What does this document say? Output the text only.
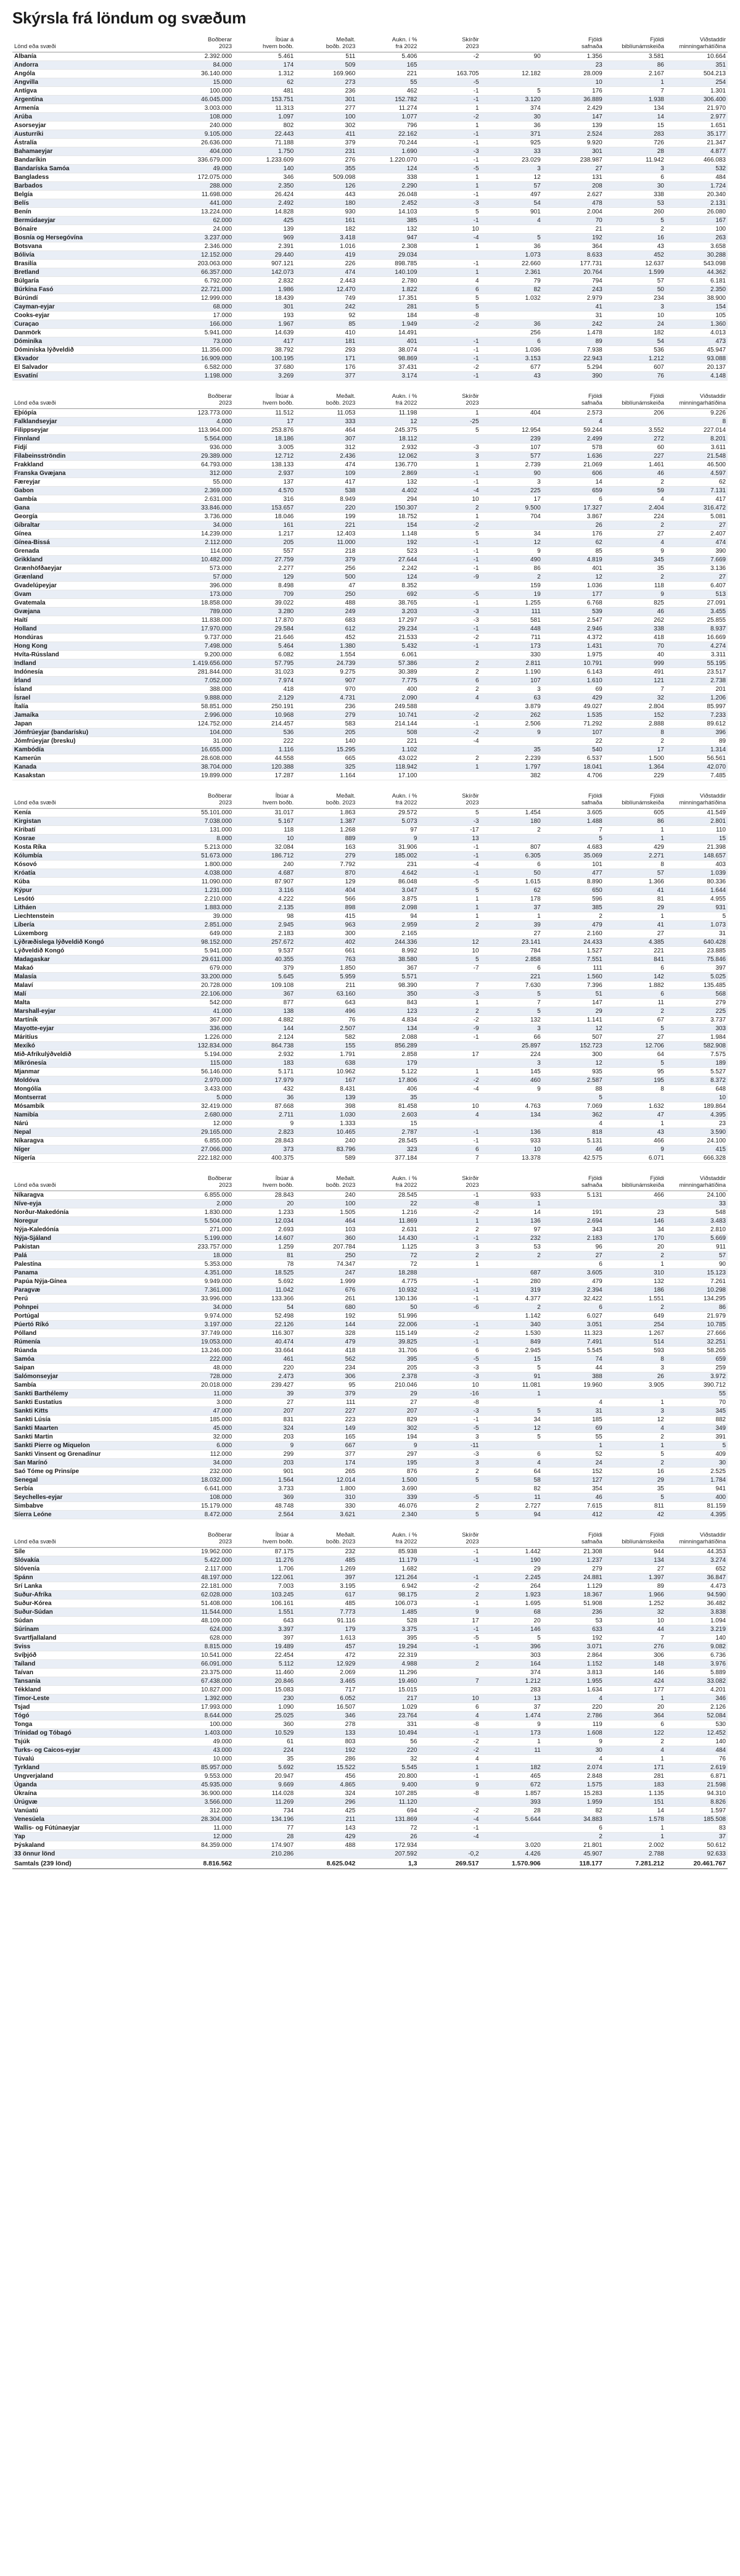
Skýrsla frá löndum og svæðum
Lönd eða svæði	Boðberar
2023	Íbúar á
hvern boðb.	Meðalt.
boðb. 2023	Aukn. í %
frá 2022	Skírðir
2023		Fjöldi
safnaða	Fjöldi
biblíunámskeiða	Viðstaddir
minningarhátíðina
Albanía	2.392.000	5.461	511	5.406	-2	90	1.356	3.581	10.664
Andorra	84.000	174	509	165			23	86	351
Angóla	36.140.000	1.312	169.960	221	163.705	12.182	28.009	2.167	504.213
Angvilla	15.000	62	273	55	-5		10	1	254
Antígva	100.000	481	236	462	-1	5	176	7	1.301
Argentína	46.045.000	153.751	301	152.782	-1	3.120	36.889	1.938	306.400
Armenía	3.003.000	11.313	277	11.274	1	374	2.429	134	21.970
Arúba	108.000	1.097	100	1.077	-2	30	147	14	2.977
Asorseyjar	240.000	802	302	796	1	36	139	15	1.651
Austurríki	9.105.000	22.443	411	22.162	-1	371	2.524	283	35.177
Ástralía	26.636.000	71.188	379	70.244	-1	925	9.920	726	21.347
Bahamaeyjar	404.000	1.750	231	1.690	-3	33	301	28	4.877
Bandaríkin	336.679.000	1.233.609	276	1.220.070	-1	23.029	238.987	11.942	466.083
Bandaríska Samóa	49.000	140	355	124	-5	3	27	3	532
Bangladess	172.075.000	346	509.098	338	1	12	131	6	484
Barbados	288.000	2.350	126	2.290	1	57	208	30	1.724
Belgía	11.698.000	26.424	443	26.048	-1	497	2.627	338	20.340
Belís	441.000	2.492	180	2.452	-3	54	478	53	2.131
Benín	13.224.000	14.828	930	14.103	5	901	2.004	260	26.080
Bermúdaeyjar	62.000	425	161	385	-1	4	70	5	167
Bónaíre	24.000	139	182	132	10		21	2	100
Bosnía og Hersegóvína	3.237.000	969	3.418	947	-4	5	192	16	263
Botsvana	2.346.000	2.391	1.016	2.308	1	36	364	43	3.658
Bólivía	12.152.000	29.440	419	29.034		1.073	8.633	452	30.288
Brasilía	203.063.000	907.121	226	898.785	-1	22.660	177.731	12.637	543.098
Bretland	66.357.000	142.073	474	140.109	1	2.361	20.764	1.599	44.362
Búlgaría	6.792.000	2.832	2.443	2.780	4	79	794	57	6.181
Búrkína Fasó	22.721.000	1.986	12.470	1.822	6	82	243	50	2.350
Búrúndí	12.999.000	18.439	749	17.351	5	1.032	2.979	234	38.900
Cayman-eyjar	68.000	301	242	281	5		41	3	154
Cooks-eyjar	17.000	193	92	184	-8		31	10	105
Curaçao	166.000	1.967	85	1.949	-2	36	242	24	1.360
Danmörk	5.941.000	14.639	410	14.491		256	1.478	182	4.013
Dóminíka	73.000	417	181	401	-1	6	89	54	473
Dóminíska lýðveldið	11.356.000	38.792	293	38.074	-1	1.036	7.938	536	45.947
Ekvador	16.909.000	100.195	171	98.869	-1	3.153	22.943	1.212	93.088
El Salvador	6.582.000	37.680	176	37.431	-2	677	5.294	607	20.137
Esvatíní	1.198.000	3.269	377	3.174	-1	43	390	76	4.148
Lönd eða svæði	Boðberar
2023	Íbúar á
hvern boðb.	Meðalt.
boðb. 2023	Aukn. í %
frá 2022	Skírðir
2023		Fjöldi
safnaða	Fjöldi
biblíunámskeiða	Viðstaddir
minningarhátíðina
Eþíópía	123.773.000	11.512	11.053	11.198	1	404	2.573	206	9.226
Falklandseyjar	4.000	17	333	12	-25		4		8
Filippseyjar	113.964.000	253.876	464	245.375	5	12.954	59.244	3.552	227.014
Finnland	5.564.000	18.186	307	18.112		239	2.499	272	8.201
Fídjí	936.000	3.005	312	2.932	-3	107	578	60	3.611
Fílabeinsströndin	29.389.000	12.712	2.436	12.062	3	577	1.636	227	21.548
Frakkland	64.793.000	138.133	474	136.770	1	2.739	21.069	1.461	46.500
Franska Gvæjana	312.000	2.937	109	2.869	-1	90	606	46	4.597
Færeyjar	55.000	137	417	132	-1	3	14	2	62
Gabon	2.369.000	4.570	538	4.402	-4	225	659	59	7.131
Gambía	2.631.000	316	8.949	294	10	17	6	4	417
Gana	33.846.000	153.657	220	150.307	2	9.500	17.327	2.404	316.472
Georgía	3.736.000	18.046	199	18.752	1	704	3.867	224	5.081
Gíbraltar	34.000	161	221	154	-2		26	2	27
Gínea	14.239.000	1.217	12.403	1.148	5	34	176	27	2.407
Gínea-Bissá	2.112.000	205	11.000	192	-1	12	62	4	474
Grenada	114.000	557	218	523	-1	9	85	9	390
Grikkland	10.482.000	27.759	379	27.644	-1	490	4.819	345	7.669
Grænhöfðaeyjar	573.000	2.277	256	2.242	-1	86	401	35	3.136
Grænland	57.000	129	500	124	-9	2	12	2	27
Gvadelúpeyjar	396.000	8.498	47	8.352		159	1.036	118	6.407
Gvam	173.000	709	250	692	-5	19	177	9	513
Gvatemala	18.858.000	39.022	488	38.765	-1	1.255	6.768	825	27.091
Gvæjana	789.000	3.280	249	3.203	-3	111	539	46	3.455
Haítí	11.838.000	17.870	683	17.297	-3	581	2.547	262	25.855
Holland	17.970.000	29.584	612	29.234	-1	448	2.946	338	8.937
Hondúras	9.737.000	21.646	452	21.533	-2	711	4.372	418	16.669
Hong Kong	7.498.000	5.464	1.380	5.432	-1	173	1.431	70	4.274
Hvíta-Rússland	9.200.000	6.082	1.554	6.061		330	1.975	40	3.311
Indland	1.419.656.000	57.795	24.739	57.386	2	2.811	10.791	999	55.195
Indónesía	281.844.000	31.023	9.275	30.389	2	1.190	6.143	491	23.517
Írland	7.052.000	7.974	907	7.775	6	107	1.610	121	2.738
Ísland	388.000	418	970	400	2	3	69	7	201
Ísrael	9.888.000	2.129	4.731	2.090	4	63	429	32	1.206
Ítalía	58.851.000	250.191	236	249.588		3.879	49.027	2.804	85.997
Jamaíka	2.996.000	10.968	279	10.741	-2	262	1.535	152	7.233
Japan	124.752.000	214.457	583	214.144	-1	2.506	71.292	2.888	89.612
Jómfrúeyjar (bandarísku)	104.000	536	205	508	-2	9	107	8	396
Jómfrúeyjar (bresku)	31.000	222	140	221	-4		22	2	89
Kambódía	16.655.000	1.116	15.295	1.102		35	540	17	1.314
Kamerún	28.608.000	44.558	665	43.022	2	2.239	6.537	1.500	56.561
Kanada	38.704.000	120.388	325	118.942	1	1.797	18.041	1.364	42.070
Kasakstan	19.899.000	17.287	1.164	17.100		382	4.706	229	7.485
Lönd eða svæði	Boðberar
2023	Íbúar á
hvern boðb.	Meðalt.
boðb. 2023	Aukn. í %
frá 2022	Skírðir
2023		Fjöldi
safnaða	Fjöldi
biblíunámskeiða	Viðstaddir
minningarhátíðina
Kenía	55.101.000	31.017	1.863	29.572	5	1.454	3.605	605	41.549
Kirgistan	7.038.000	5.167	1.387	5.073	-3	180	1.488	86	2.801
Kíribatí	131.000	118	1.268	97	-17	2	7	1	110
Kosrae	8.000	10	889	9	13		5	1	15
Kosta Ríka	5.213.000	32.084	163	31.906	-1	807	4.683	429	21.398
Kólumbía	51.673.000	186.712	279	185.002	-1	6.305	35.069	2.271	148.657
Kósovó	1.800.000	240	7.792	231	-4	6	101	8	403
Króatía	4.038.000	4.687	870	4.642	-1	50	477	57	1.039
Kúba	11.090.000	87.907	129	86.048	-5	1.615	8.890	1.366	80.336
Kýpur	1.231.000	3.116	404	3.047	5	62	650	41	1.644
Lesótó	2.210.000	4.222	566	3.875	1	178	596	81	4.955
Litháen	1.883.000	2.135	898	2.098	1	37	385	29	931
Liechtenstein	39.000	98	415	94	1	1	2	1	5
Líbería	2.851.000	2.945	963	2.959	2	39	479	41	1.073
Lúxemborg	649.000	2.183	300	2.165		27	2.160	27	31
Lýðræðislega lýðveldið Kongó	98.152.000	257.672	402	244.336	12	23.141	24.433	4.385	640.428
Lýðveldið Kongó	5.941.000	9.537	661	8.992	10	784	1.527	221	23.885
Madagaskar	29.611.000	40.355	763	38.580	5	2.858	7.551	841	75.846
Makaó	679.000	379	1.850	367	-7	6	111	6	397
Malasía	33.200.000	5.645	5.959	5.571		221	1.560	142	5.025
Malaví	20.728.000	109.108	211	98.390	7	7.630	7.396	1.882	135.485
Malí	22.106.000	367	63.160	350	-3	5	51	6	568
Malta	542.000	877	643	843	1	7	147	11	279
Marshall-eyjar	41.000	138	496	123	2	5	29	2	225
Martíník	367.000	4.882	76	4.834	-2	132	1.141	67	3.737
Mayotte-eyjar	336.000	144	2.507	134	-9	3	12	5	303
Máritíus	1.226.000	2.124	582	2.088	-1	66	507	27	1.984
Mexíkó	132.834.000	864.738	155	856.289		25.897	152.723	12.706	582.908
Mið-Afríkulýðveldið	5.194.000	2.932	1.791	2.858	17	224	300	64	7.575
Míkrónesía	115.000	183	638	179		3	12	5	189
Mjanmar	56.146.000	5.171	10.962	5.122	1	145	935	95	5.527
Moldóva	2.970.000	17.979	167	17.806	-2	460	2.587	195	8.372
Mongólía	3.433.000	432	8.431	406	-4	9	88	8	648
Montserrat	5.000	36	139	35			5		10
Mósambík	32.419.000	87.668	398	81.458	10	4.763	7.069	1.632	189.864
Namibía	2.680.000	2.711	1.030	2.603	4	134	362	47	4.395
Nárú	12.000	9	1.333	15			4	1	23
Nepal	29.165.000	2.823	10.465	2.787	-1	136	818	43	3.590
Níkaragva	6.855.000	28.843	240	28.545	-1	933	5.131	466	24.100
Níger	27.066.000	373	83.796	323	6	10	46	9	415
Nígería	222.182.000	400.375	589	377.184	7	13.378	42.575	6.071	666.328
Lönd eða svæði	Boðberar
2023	Íbúar á
hvern boðb.	Meðalt.
boðb. 2023	Aukn. í %
frá 2022	Skírðir
2023		Fjöldi
safnaða	Fjöldi
biblíunámskeiða	Viðstaddir
minningarhátíðina
Níkaragva	6.855.000	28.843	240	28.545	-1	933	5.131	466	24.100
Níve-eyja	2.000	20	100	22	-8	1			33
Norður-Makedónía	1.830.000	1.233	1.505	1.216	-2	14	191	23	548
Noregur	5.504.000	12.034	464	11.869	1	136	2.694	146	3.483
Nýja-Kaledónía	271.000	2.693	103	2.631	2	97	343	34	2.810
Nýja-Sjáland	5.199.000	14.607	360	14.430	-1	232	2.183	170	5.669
Pakistan	233.757.000	1.259	207.784	1.125	3	53	96	20	911
Palá	18.000	81	250	72	2	2	27	2	57
Palestína	5.353.000	78	74.347	72	1		6	1	90
Panama	4.351.000	18.525	247	18.288		687	3.605	310	15.123
Papúa Nýja-Gínea	9.949.000	5.692	1.999	4.775	-1	280	479	132	7.261
Paragvæ	7.361.000	11.042	676	10.932	-1	319	2.394	186	10.298
Perú	33.996.000	133.366	261	130.136	-1	4.377	32.422	1.551	134.295
Pohnpei	34.000	54	680	50	-6	2	6	2	86
Portúgal	9.974.000	52.498	192	51.996		1.142	6.027	649	21.979
Púertó Ríkó	3.197.000	22.126	144	22.006	-1	340	3.051	254	10.785
Pólland	37.749.000	116.307	328	115.149	-2	1.530	11.323	1.267	27.666
Rúmenía	19.053.000	40.474	479	39.825	-1	849	7.491	514	32.251
Rúanda	13.246.000	33.664	418	31.706	6	2.945	5.545	593	58.265
Samóa	222.000	461	562	395	-5	15	74	8	659
Saipan	48.000	220	234	205	-3	5	44	3	259
Salómonseyjar	728.000	2.473	306	2.378	-3	91	388	26	3.972
Sambía	20.018.000	239.427	95	210.046	10	11.081	19.960	3.905	390.712
Sankti Barthélemy	11.000	39	379	29	-16	1			55
Sankti Eustatíus	3.000	27	111	27	-8		4	1	70
Sankti Kitts	47.000	207	227	207	-3	5	31	3	345
Sankti Lúsía	185.000	831	223	829	-1	34	185	12	882
Sankti Maarten	45.000	324	149	302	-5	12	69	4	349
Sankti Martin	32.000	203	165	194	3	5	55	2	391
Sankti Pierre og Miquelon	6.000	9	667	9	-11		1	1	5
Sankti Vinsent og Grenadínur	112.000	299	377	297	-3	6	52	5	409
San Marínó	34.000	203	174	195	3	4	24	2	30
Saó Tóme og Prinsípe	232.000	901	265	876	2	64	152	16	2.525
Senegal	18.032.000	1.564	12.014	1.500	5	58	127	29	1.784
Serbía	6.641.000	3.733	1.800	3.690		82	354	35	941
Seychelles-eyjar	108.000	369	310	339	-5	11	46	5	400
Simbabve	15.179.000	48.748	330	46.076	2	2.727	7.615	811	81.159
Síerra Leóne	8.472.000	2.564	3.621	2.340	5	94	412	42	4.395
Lönd eða svæði	Boðberar
2023	Íbúar á
hvern boðb.	Meðalt.
boðb. 2023	Aukn. í %
frá 2022	Skírðir
2023		Fjöldi
safnaða	Fjöldi
biblíunámskeiða	Viðstaddir
minningarhátíðina
Síle	19.962.000	87.175	232	85.938	-1	1.442	21.308	944	44.353
Slóvakía	5.422.000	11.276	485	11.179	-1	190	1.237	134	3.274
Slóvenía	2.117.000	1.706	1.269	1.682		29	279	27	652
Spánn	48.197.000	122.061	397	121.264	-1	2.245	24.881	1.397	36.847
Srí Lanka	22.181.000	7.003	3.195	6.942	-2	264	1.129	89	4.473
Suður-Afríka	62.028.000	103.245	617	98.175	2	1.923	18.367	1.966	94.590
Suður-Kórea	51.408.000	106.161	485	106.073	-1	1.695	51.908	1.252	36.482
Suður-Súdan	11.544.000	1.551	7.773	1.485	9	68	236	32	3.838
Súdan	48.109.000	643	91.116	528	17	20	53	10	1.094
Súrínam	624.000	3.397	179	3.375	-1	146	633	44	3.219
Svartfjallaland	628.000	397	1.613	395	-5	5	192	7	140
Sviss	8.815.000	19.489	457	19.294	-1	396	3.071	276	9.082
Svíþjóð	10.541.000	22.454	472	22.319		303	2.864	306	6.736
Taíland	66.091.000	5.112	12.929	4.988	2	164	1.152	148	3.976
Taívan	23.375.000	11.460	2.069	11.296		374	3.813	146	5.889
Tansanía	67.438.000	20.846	3.465	19.460	7	1.212	1.955	424	33.082
Tékkland	10.827.000	15.083	717	15.015		283	1.634	177	4.201
Timor-Leste	1.392.000	230	6.052	217	10	13	4	1	346
Tsjad	17.993.000	1.090	16.507	1.029	6	37	220	20	2.126
Tógó	8.644.000	25.025	346	23.764	4	1.474	2.786	364	52.084
Tonga	100.000	360	278	331	-8	9	119	6	530
Trínidad og Tóbagó	1.403.000	10.529	133	10.494	-1	173	1.608	122	12.452
Tsjúk	49.000	61	803	56	-2	1	9	2	140
Turks- og Caicos-eyjar	43.000	224	192	220	-2	11	30	4	484
Túvalú	10.000	35	286	32	4		4	1	76
Tyrkland	85.957.000	5.692	15.522	5.545	1	182	2.074	171	2.619
Ungverjaland	9.553.000	20.947	456	20.800	-1	465	2.848	281	6.871
Úganda	45.935.000	9.669	4.865	9.400	9	672	1.575	183	21.598
Úkraína	36.900.000	114.028	324	107.285	-8	1.857	15.283	1.135	94.310
Úrúgvæ	3.566.000	11.269	296	11.120		393	1.959	151	8.826
Vanúatú	312.000	734	425	694	-2	28	82	14	1.597
Venesúela	28.304.000	134.196	211	131.869	-4	5.644	34.883	1.578	185.508
Wallis- og Fútúnaeyjar	11.000	77	143	72	-1		6	1	83
Yap	12.000	28	429	26	-4		2	1	37
Þýskaland	84.359.000	174.907	488	172.934		3.020	21.801	2.002	50.612
33 önnur lönd		210.286		207.592	-0,2	4.426	45.907	2.788	92.633
Samtals (239 lönd)	8.816.562		8.625.042	1,3	269.517	1.570.906	118.177	7.281.212	20.461.767
